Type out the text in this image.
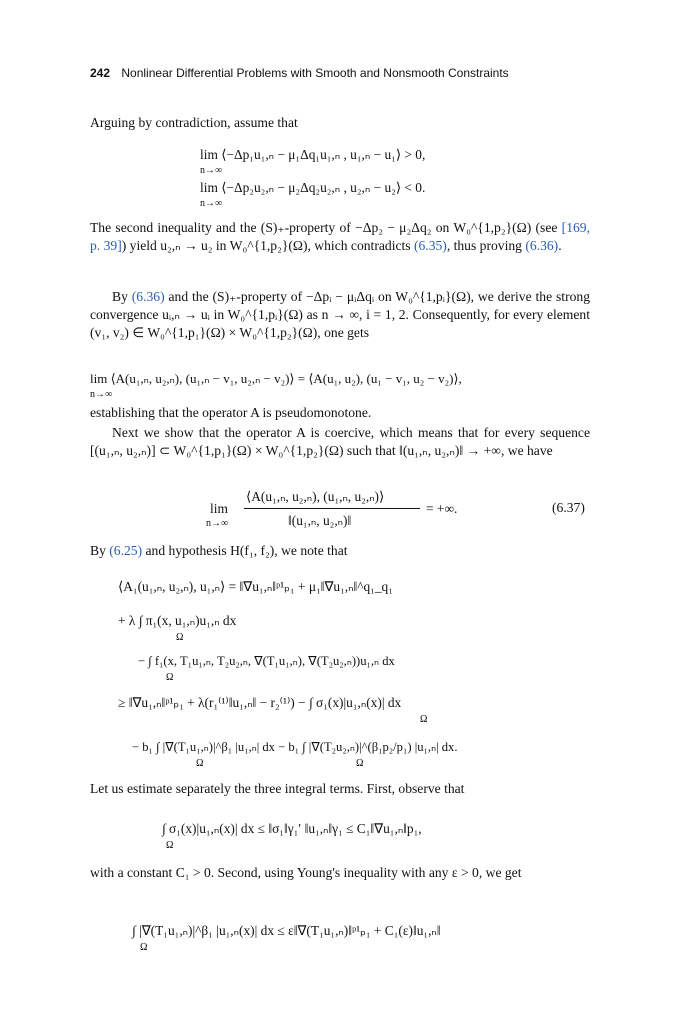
242 Nonlinear Differential Problems with Smooth and Nonsmooth Constraints
Arguing by contradiction, assume that
lim ⟨−Δp₁u₁,ₙ − μ₁Δq₁u₁,ₙ , u₁,ₙ − u₁⟩ > 0,
n→∞
lim ⟨−Δp₂u₂,ₙ − μ₂Δq₂u₂,ₙ , u₂,ₙ − u₂⟩ < 0.
n→∞
The second inequality and the (S)₊-property of −Δp₂ − μ₂Δq₂ on W₀^{1,p₂}(Ω) (see [169, p. 39]) yield u₂,ₙ → u₂ in W₀^{1,p₂}(Ω), which contradicts (6.35), thus proving (6.36).
By (6.36) and the (S)₊-property of −Δpᵢ − μᵢΔqᵢ on W₀^{1,pᵢ}(Ω), we derive the strong convergence uᵢ,ₙ → uᵢ in W₀^{1,pᵢ}(Ω) as n → ∞, i = 1, 2. Consequently, for every element (v₁, v₂) ∈ W₀^{1,p₁}(Ω) × W₀^{1,p₂}(Ω), one gets
lim ⟨A(u₁,ₙ, u₂,ₙ), (u₁,ₙ − v₁, u₂,ₙ − v₂)⟩ = ⟨A(u₁, u₂), (u₁ − v₁, u₂ − v₂)⟩,
n→∞
establishing that the operator A is pseudomonotone.
Next we show that the operator A is coercive, which means that for every sequence [(u₁,ₙ, u₂,ₙ)] ⊂ W₀^{1,p₁}(Ω) × W₀^{1,p₂}(Ω) such that ‖(u₁,ₙ, u₂,ₙ)‖ → +∞, we have
lim
n→∞
⟨A(u₁,ₙ, u₂,ₙ), (u₁,ₙ, u₂,ₙ)⟩
‖(u₁,ₙ, u₂,ₙ)‖
= +∞.	(6.37)
By (6.25) and hypothesis H(f₁, f₂), we note that
⟨A₁(u₁,ₙ, u₂,ₙ), u₁,ₙ⟩ = ‖∇u₁,ₙ‖ᵖ¹ₚ₁ + μ₁‖∇u₁,ₙ‖^q₁_q₁
+ λ ∫ π₁(x, u₁,ₙ)u₁,ₙ dx
Ω
− ∫ f₁(x, T₁u₁,ₙ, T₂u₂,ₙ, ∇(T₁u₁,ₙ), ∇(T₂u₂,ₙ))u₁,ₙ dx
Ω
≥ ‖∇u₁,ₙ‖ᵖ¹ₚ₁ + λ(r₁⁽¹⁾‖u₁,ₙ‖ − r₂⁽¹⁾) − ∫ σ₁(x)|u₁,ₙ(x)| dx
Ω
− b₁ ∫ |∇(T₁u₁,ₙ)|^β₁ |u₁,ₙ| dx − b₁ ∫ |∇(T₂u₂,ₙ)|^(β₁p₂/p₁) |u₁,ₙ| dx.
Ω	Ω
Let us estimate separately the three integral terms. First, observe that
∫ σ₁(x)|u₁,ₙ(x)| dx ≤ ‖σ₁‖γ₁′ ‖u₁,ₙ‖γ₁ ≤ C₁‖∇u₁,ₙ‖p₁,
Ω
with a constant C₁ > 0. Second, using Young's inequality with any ε > 0, we get
∫ |∇(T₁u₁,ₙ)|^β₁ |u₁,ₙ(x)| dx ≤ ε‖∇(T₁u₁,ₙ)‖ᵖ¹ₚ₁ + C₁(ε)‖u₁,ₙ‖
Ω
